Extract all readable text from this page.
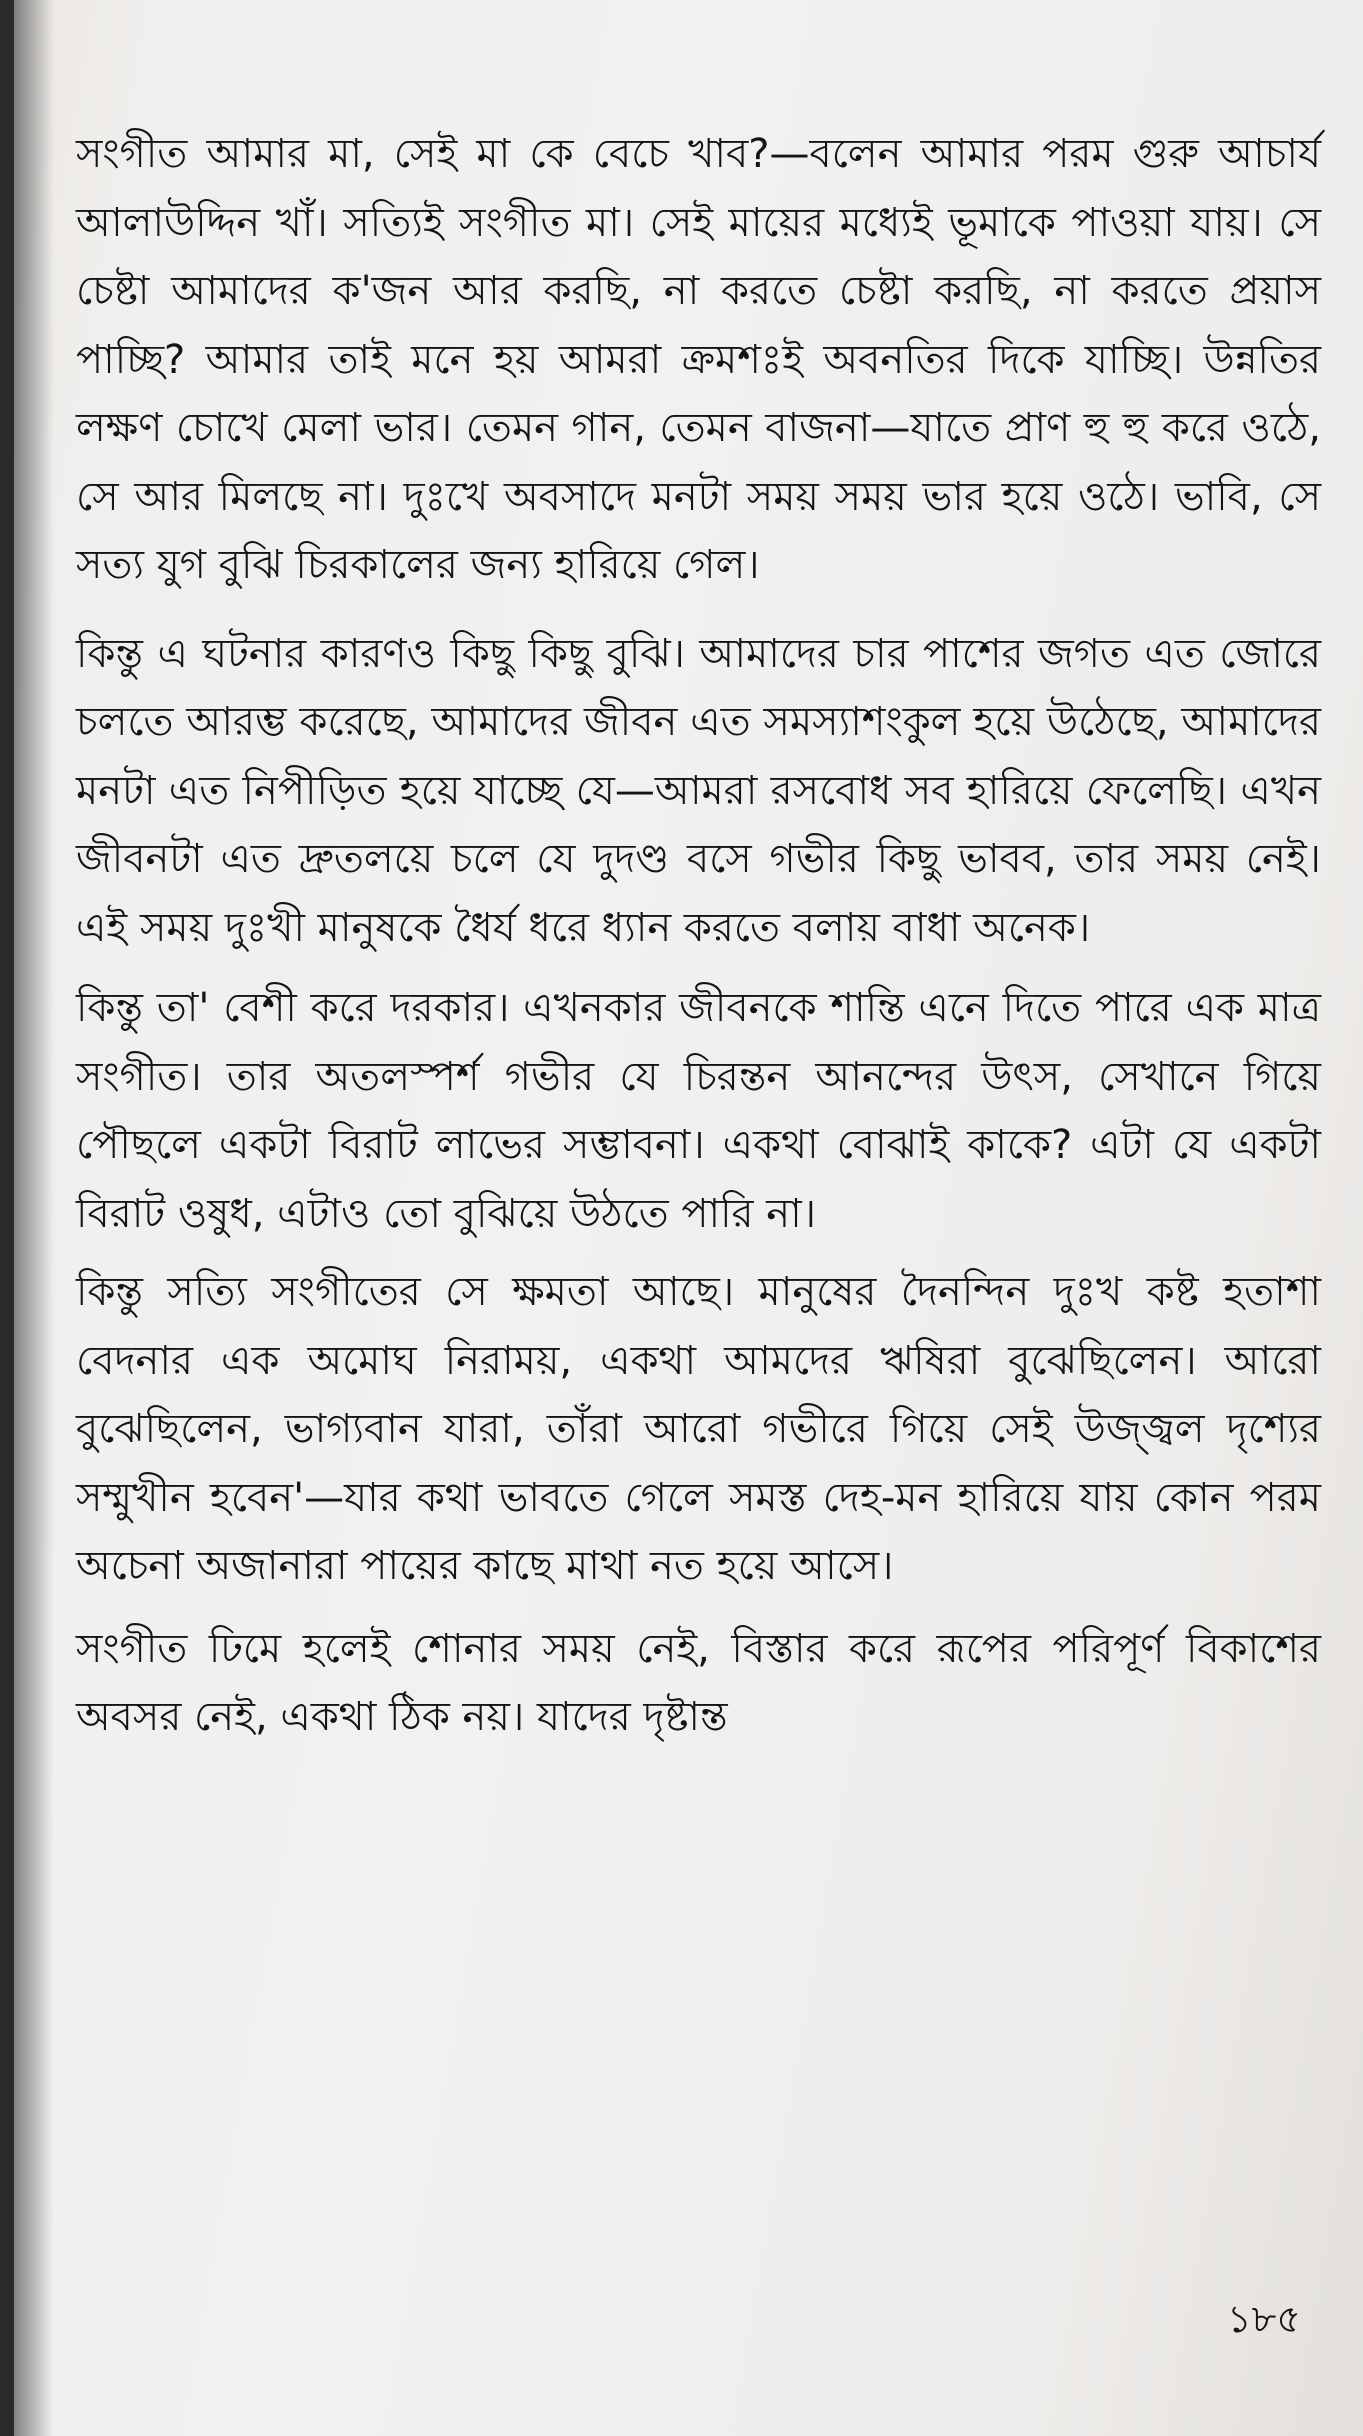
সংগীত আমার মা, সেই মা কে বেচে খাব?—বলেন আমার পরম গুরু আচার্য আলাউদ্দিন খাঁ। সত্যিই সংগীত মা। সেই মায়ের মধ্যেই ভূমাকে পাওয়া যায়। সে চেষ্টা আমাদের ক'জন আর করছি, না করতে চেষ্টা করছি, না করতে প্রয়াস পাচ্ছি? আমার তাই মনে হয় আমরা ক্রমশঃই অবনতির দিকে যাচ্ছি। উন্নতির লক্ষণ চোখে মেলা ভার। তেমন গান, তেমন বাজনা—যাতে প্রাণ হু হু করে ওঠে, সে আর মিলছে না। দুঃখে অবসাদে মনটা সময় সময় ভার হয়ে ওঠে। ভাবি, সে সত্য যুগ বুঝি চিরকালের জন্য হারিয়ে গেল।

কিন্তু এ ঘটনার কারণও কিছু কিছু বুঝি। আমাদের চার পাশের জগত এত জোরে চলতে আরম্ভ করেছে, আমাদের জীবন এত সমস্যাশংকুল হয়ে উঠেছে, আমাদের মনটা এত নিপীড়িত হয়ে যাচ্ছে যে—আমরা রসবোধ সব হারিয়ে ফেলেছি। এখন জীবনটা এত দ্রুতলয়ে চলে যে দুদণ্ড বসে গভীর কিছু ভাবব, তার সময় নেই। এই সময় দুঃখী মানুষকে ধৈর্য ধরে ধ্যান করতে বলায় বাধা অনেক।

কিন্তু তা' বেশী করে দরকার। এখনকার জীবনকে শান্তি এনে দিতে পারে এক মাত্র সংগীত। তার অতলস্পর্শ গভীর যে চিরন্তন আনন্দের উৎস, সেখানে গিয়ে পৌছলে একটা বিরাট লাভের সম্ভাবনা। একথা বোঝাই কাকে? এটা যে একটা বিরাট ওষুধ, এটাও তো বুঝিয়ে উঠতে পারি না।

কিন্তু সত্যি সংগীতের সে ক্ষমতা আছে। মানুষের দৈনন্দিন দুঃখ কষ্ট হতাশা বেদনার এক অমোঘ নিরাময়, একথা আমদের ঋষিরা বুঝেছিলেন। আরো বুঝেছিলেন, ভাগ্যবান যারা, তাঁরা আরো গভীরে গিয়ে সেই উজ্জ্বল দৃশ্যের সম্মুখীন হবেন'—যার কথা ভাবতে গেলে সমস্ত দেহ-মন হারিয়ে যায় কোন পরম অচেনা অজানারা পায়ের কাছে মাথা নত হয়ে আসে।

সংগীত ঢিমে হলেই শোনার সময় নেই, বিস্তার করে রূপের পরিপূর্ণ বিকাশের অবসর নেই, একথা ঠিক নয়। যাদের দৃষ্টান্ত

১৮৫
